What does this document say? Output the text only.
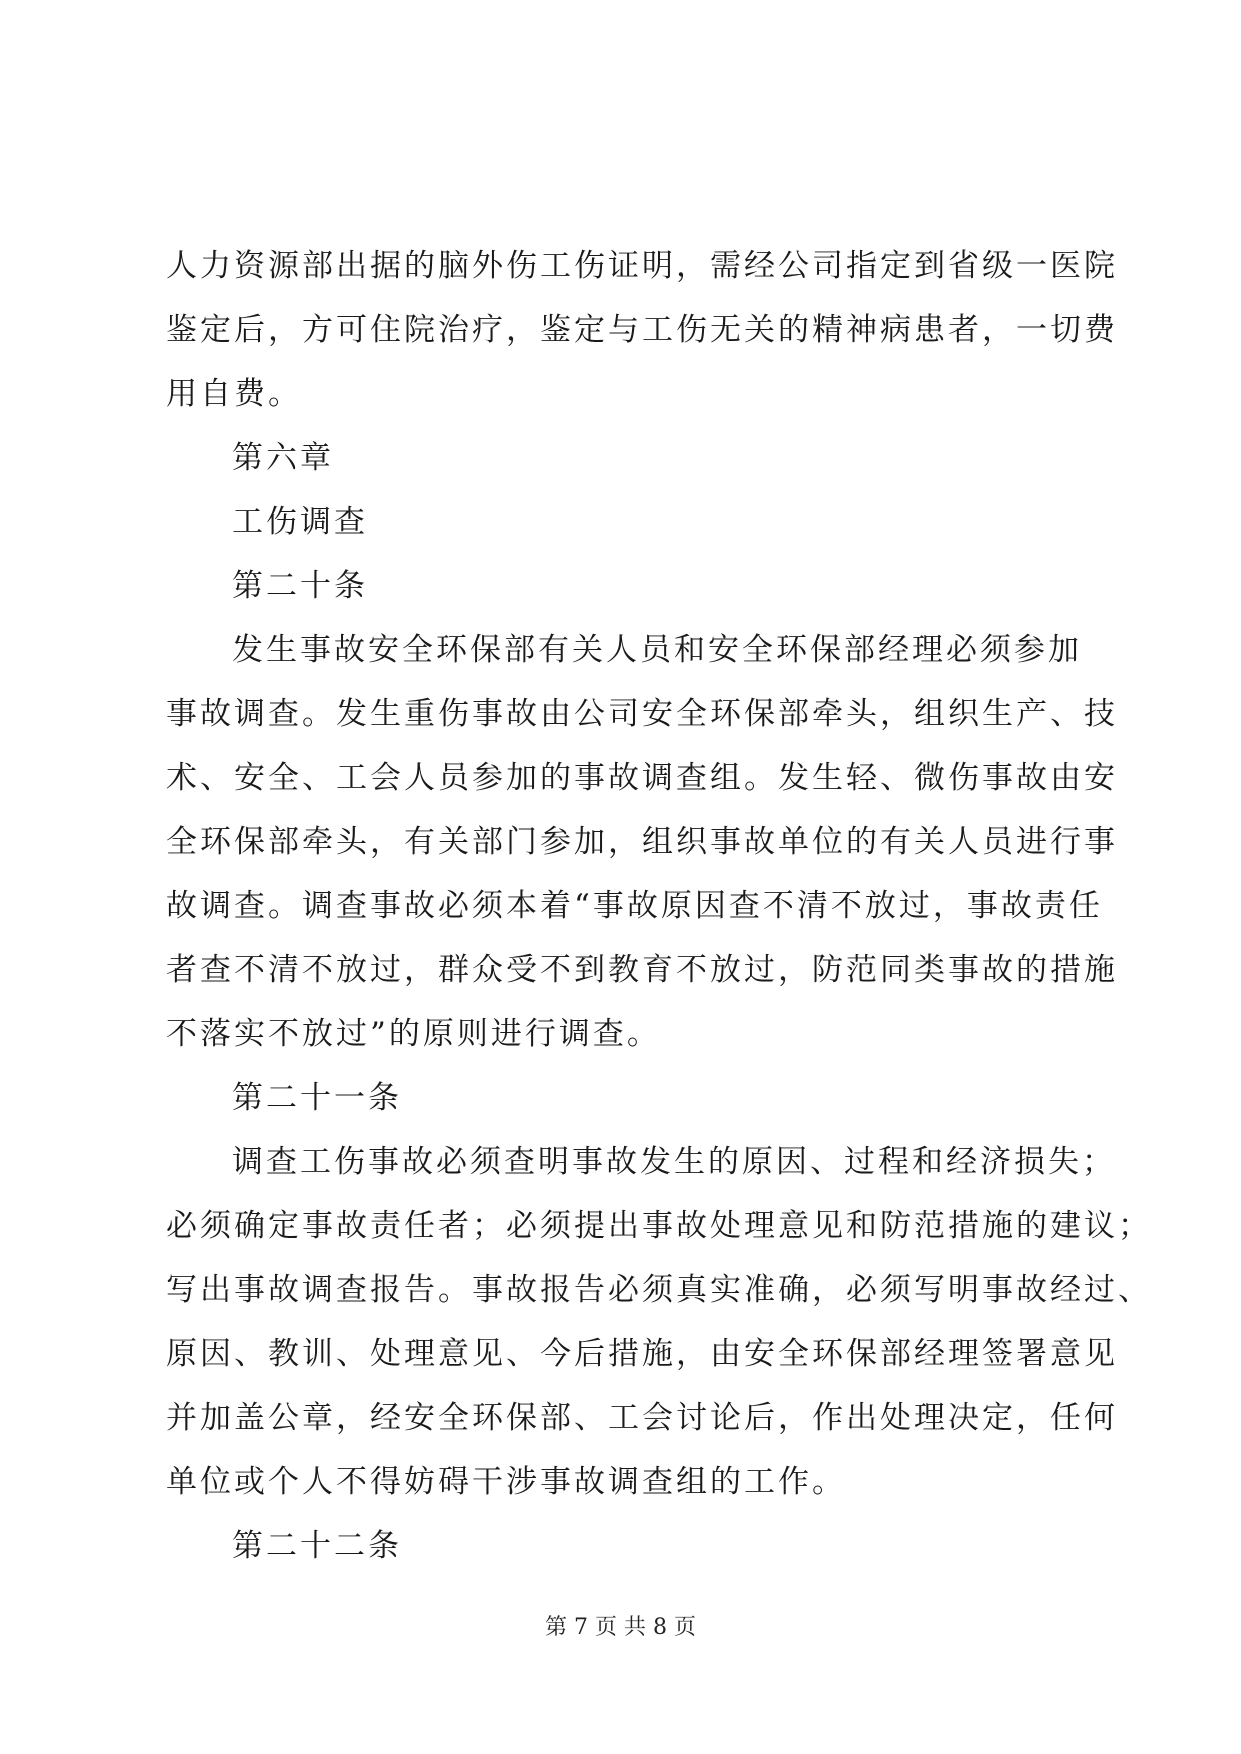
人力资源部出据的脑外伤工伤证明，需经公司指定到省级一医院
鉴定后，方可住院治疗，鉴定与工伤无关的精神病患者，一切费
用自费。
第六章
工伤调查
第二十条
发生事故安全环保部有关人员和安全环保部经理必须参加
事故调查。发生重伤事故由公司安全环保部牵头，组织生产、技
术、安全、工会人员参加的事故调查组。发生轻、微伤事故由安
全环保部牵头，有关部门参加，组织事故单位的有关人员进行事
故调查。调查事故必须本着“事故原因查不清不放过，事故责任
者查不清不放过，群众受不到教育不放过，防范同类事故的措施
不落实不放过”的原则进行调查。
第二十一条
调查工伤事故必须查明事故发生的原因、过程和经济损失；
必须确定事故责任者；必须提出事故处理意见和防范措施的建议；
写出事故调查报告。事故报告必须真实准确，必须写明事故经过、
原因、教训、处理意见、今后措施，由安全环保部经理签署意见
并加盖公章，经安全环保部、工会讨论后，作出处理决定，任何
单位或个人不得妨碍干涉事故调查组的工作。
第二十二条
第 7 页 共 8 页
